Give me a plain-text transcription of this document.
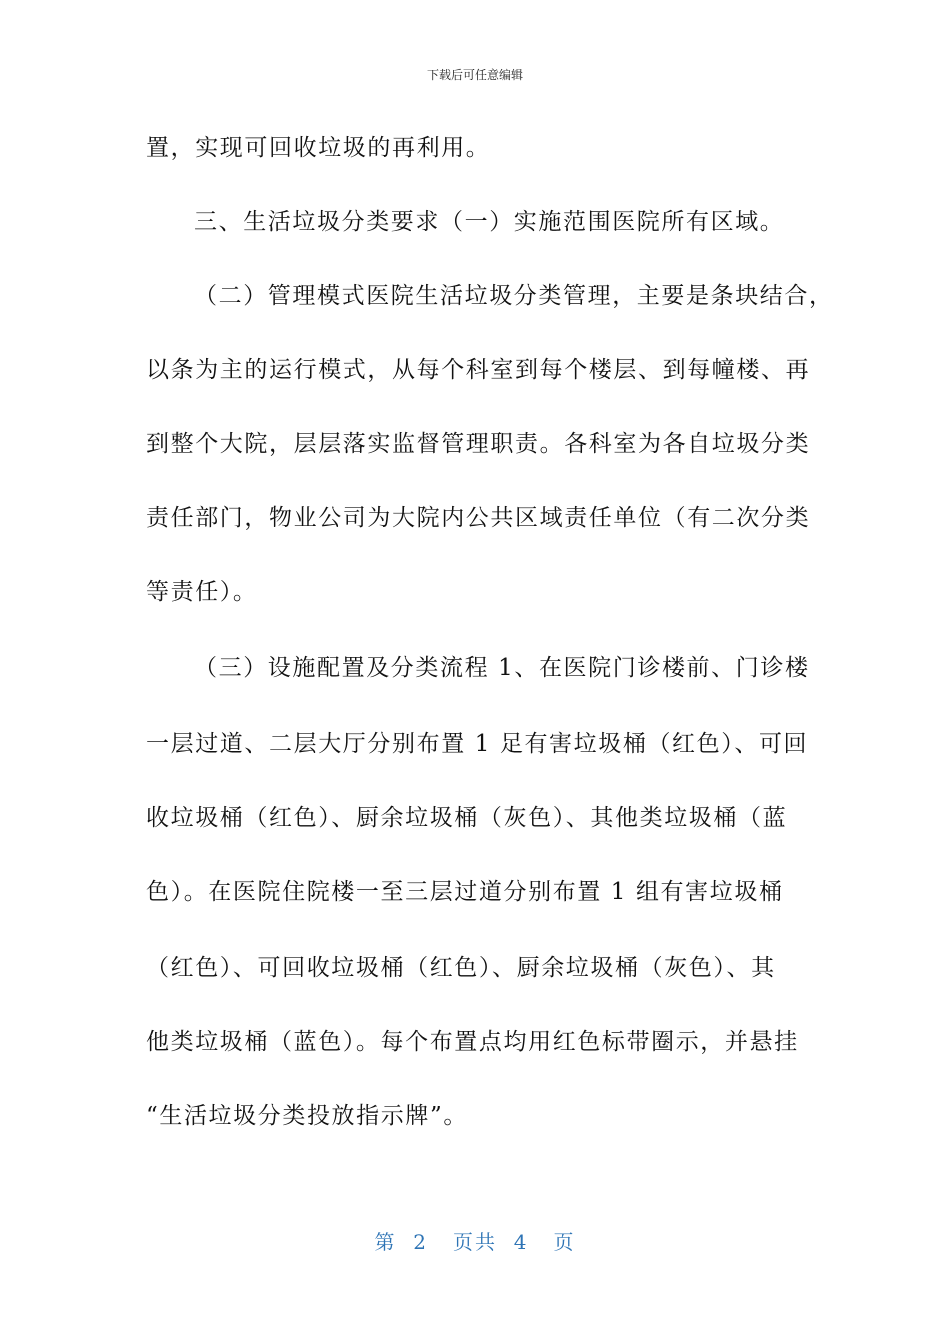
下载后可任意编辑
置，实现可回收垃圾的再利用。
三、生活垃圾分类要求（一）实施范围医院所有区域。
（二）管理模式医院生活垃圾分类管理，主要是条块结合，
以条为主的运行模式，从每个科室到每个楼层、到每幢楼、再
到整个大院，层层落实监督管理职责。各科室为各自垃圾分类
责任部门，物业公司为大院内公共区域责任单位（有二次分类
等责任）。
（三）设施配置及分类流程 1、在医院门诊楼前、门诊楼
一层过道、二层大厅分别布置 1 足有害垃圾桶（红色）、可回
收垃圾桶（红色）、厨余垃圾桶（灰色）、其他类垃圾桶（蓝
色）。在医院住院楼一至三层过道分别布置 1 组有害垃圾桶
（红色）、可回收垃圾桶（红色）、厨余垃圾桶（灰色）、其
他类垃圾桶（蓝色）。每个布置点均用红色标带圈示，并悬挂
“生活垃圾分类投放指示牌”。
第 2 页共 4 页
